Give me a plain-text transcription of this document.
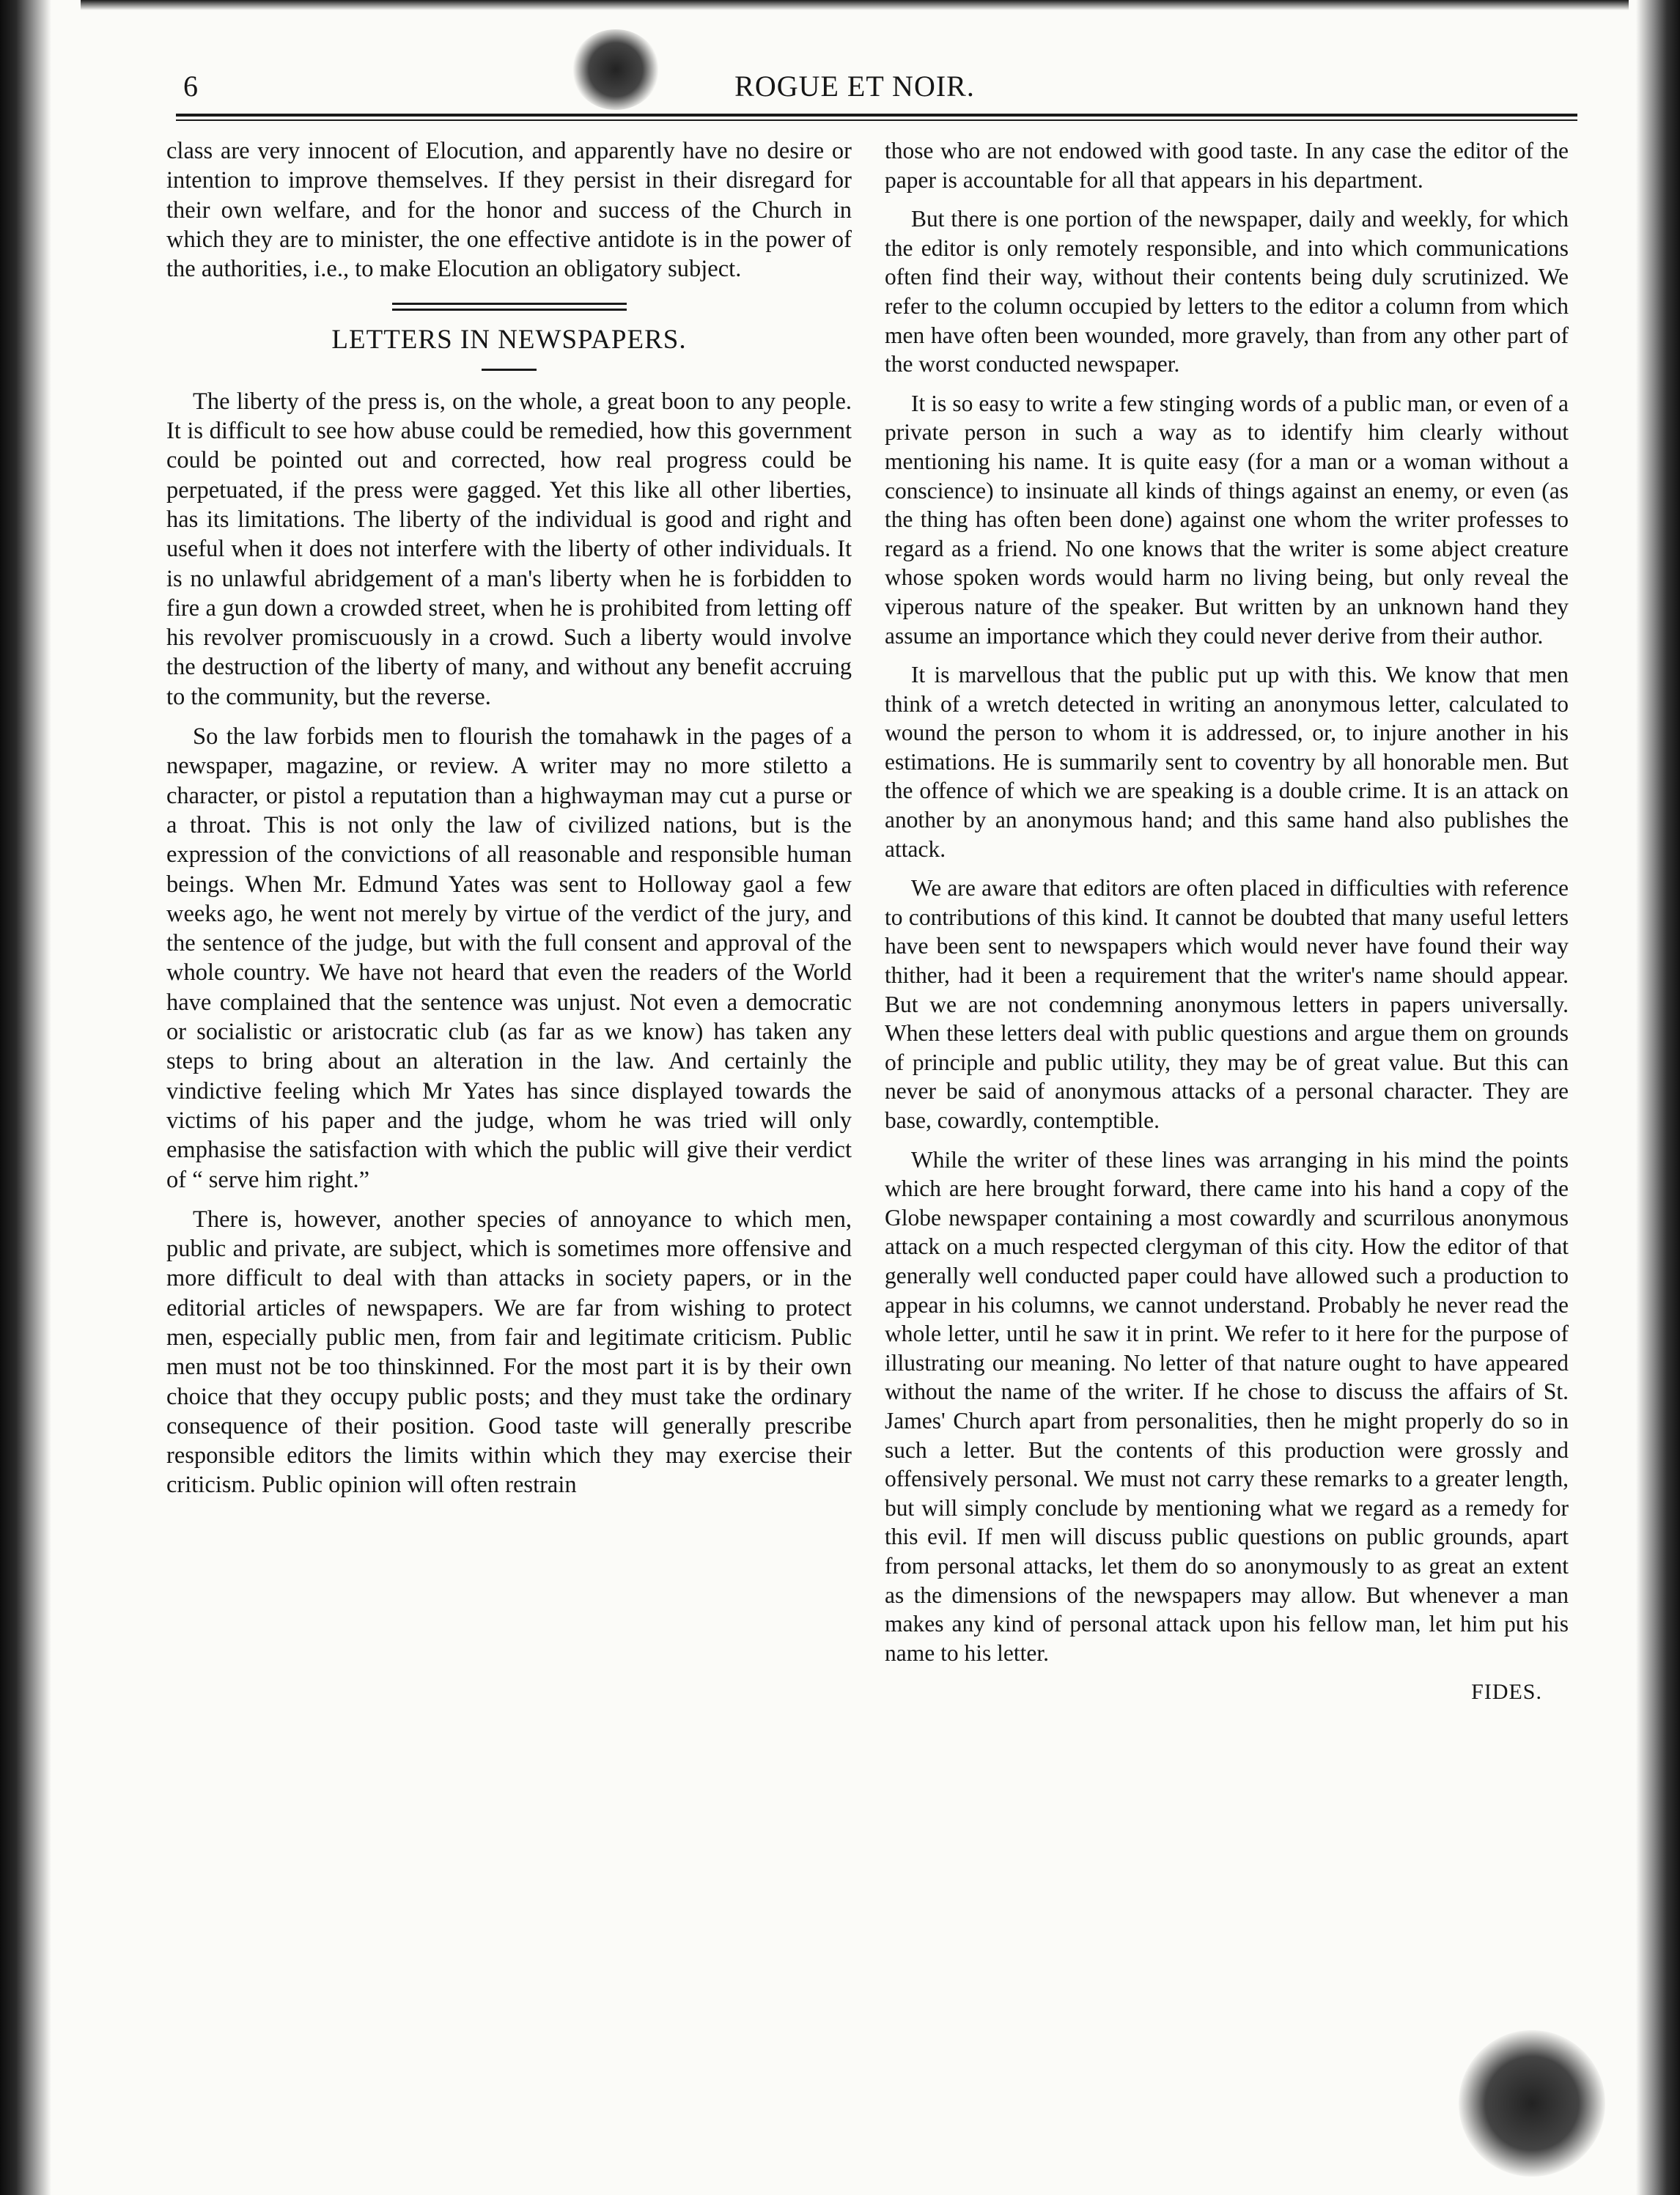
6	ROGUE ET NOIR.

class are very innocent of Elocution, and apparently have no desire or intention to improve themselves. If they persist in their disregard for their own welfare, and for the honor and success of the Church in which they are to minister, the one effective antidote is in the power of the authorities, i.e., to make Elocution an obligatory subject.

LETTERS IN NEWSPAPERS.

The liberty of the press is, on the whole, a great boon to any people. It is difficult to see how abuse could be remedied, how this government could be pointed out and corrected, how real progress could be perpetuated, if the press were gagged. Yet this like all other liberties, has its limitations. The liberty of the individual is good and right and useful when it does not interfere with the liberty of other individuals. It is no unlawful abridgement of a man's liberty when he is forbidden to fire a gun down a crowded street, when he is prohibited from letting off his revolver promiscuously in a crowd. Such a liberty would involve the destruction of the liberty of many, and without any benefit accruing to the community, but the reverse.

So the law forbids men to flourish the tomahawk in the pages of a newspaper, magazine, or review. A writer may no more stiletto a character, or pistol a reputation than a highwayman may cut a purse or a throat. This is not only the law of civilized nations, but is the expression of the convictions of all reasonable and responsible human beings. When Mr. Edmund Yates was sent to Holloway gaol a few weeks ago, he went not merely by virtue of the verdict of the jury, and the sentence of the judge, but with the full consent and approval of the whole country. We have not heard that even the readers of the World have complained that the sentence was unjust. Not even a democratic or socialistic or aristocratic club (as far as we know) has taken any steps to bring about an alteration in the law. And certainly the vindictive feeling which Mr Yates has since displayed towards the victims of his paper and the judge, whom he was tried will only emphasise the satisfaction with which the public will give their verdict of “ serve him right.”

There is, however, another species of annoyance to which men, public and private, are subject, which is sometimes more offensive and more difficult to deal with than attacks in society papers, or in the editorial articles of newspapers. We are far from wishing to protect men, especially public men, from fair and legitimate criticism. Public men must not be too thinskinned. For the most part it is by their own choice that they occupy public posts; and they must take the ordinary consequence of their position. Good taste will generally prescribe responsible editors the limits within which they may exercise their criticism. Public opinion will often restrain

those who are not endowed with good taste. In any case the editor of the paper is accountable for all that appears in his department.

But there is one portion of the newspaper, daily and weekly, for which the editor is only remotely responsible, and into which communications often find their way, without their contents being duly scrutinized. We refer to the column occupied by letters to the editor a column from which men have often been wounded, more gravely, than from any other part of the worst conducted newspaper.

It is so easy to write a few stinging words of a public man, or even of a private person in such a way as to identify him clearly without mentioning his name. It is quite easy (for a man or a woman without a conscience) to insinuate all kinds of things against an enemy, or even (as the thing has often been done) against one whom the writer professes to regard as a friend. No one knows that the writer is some abject creature whose spoken words would harm no living being, but only reveal the viperous nature of the speaker. But written by an unknown hand they assume an importance which they could never derive from their author.

It is marvellous that the public put up with this. We know that men think of a wretch detected in writing an anonymous letter, calculated to wound the person to whom it is addressed, or, to injure another in his estimations. He is summarily sent to coventry by all honorable men. But the offence of which we are speaking is a double crime. It is an attack on another by an anonymous hand; and this same hand also publishes the attack.

We are aware that editors are often placed in difficulties with reference to contributions of this kind. It cannot be doubted that many useful letters have been sent to newspapers which would never have found their way thither, had it been a requirement that the writer's name should appear. But we are not condemning anonymous letters in papers universally. When these letters deal with public questions and argue them on grounds of principle and public utility, they may be of great value. But this can never be said of anonymous attacks of a personal character. They are base, cowardly, contemptible.

While the writer of these lines was arranging in his mind the points which are here brought forward, there came into his hand a copy of the Globe newspaper containing a most cowardly and scurrilous anonymous attack on a much respected clergyman of this city. How the editor of that generally well conducted paper could have allowed such a production to appear in his columns, we cannot understand. Probably he never read the whole letter, until he saw it in print. We refer to it here for the purpose of illustrating our meaning. No letter of that nature ought to have appeared without the name of the writer. If he chose to discuss the affairs of St. James' Church apart from personalities, then he might properly do so in such a letter. But the contents of this production were grossly and offensively personal. We must not carry these remarks to a greater length, but will simply conclude by mentioning what we regard as a remedy for this evil. If men will discuss public questions on public grounds, apart from personal attacks, let them do so anonymously to as great an extent as the dimensions of the newspapers may allow. But whenever a man makes any kind of personal attack upon his fellow man, let him put his name to his letter.

FIDES.
